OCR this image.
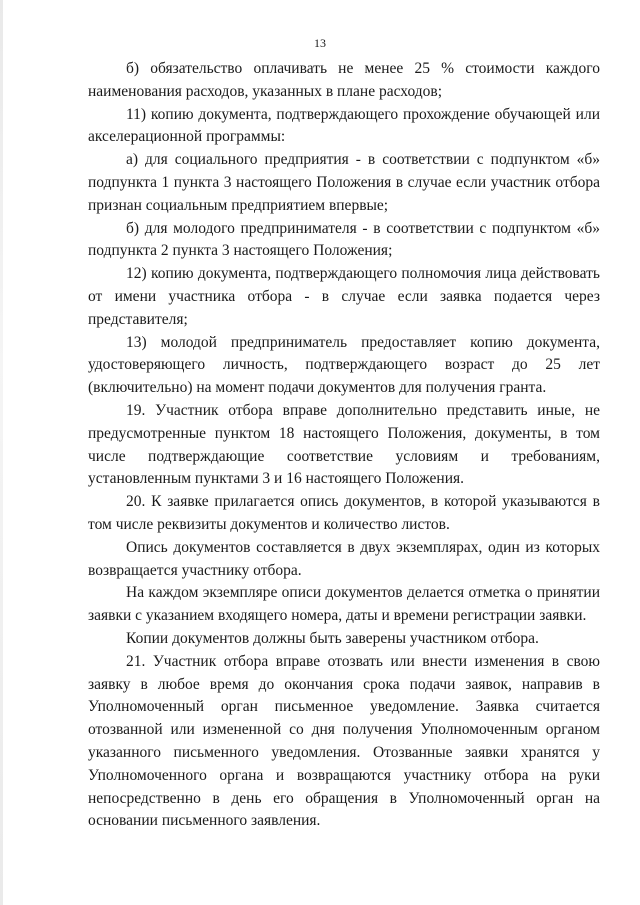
13

б) обязательство оплачивать не менее 25 % стоимости каждого наименования расходов, указанных в плане расходов;

11) копию документа, подтверждающего прохождение обучающей или акселерационной программы:

а) для социального предприятия - в соответствии с подпунктом «б» подпункта 1 пункта 3 настоящего Положения в случае если участник отбора признан социальным предприятием впервые;

б) для молодого предпринимателя - в соответствии с подпунктом «б» подпункта 2 пункта 3 настоящего Положения;

12) копию документа, подтверждающего полномочия лица действовать от имени участника отбора - в случае если заявка подается через представителя;

13) молодой предприниматель предоставляет копию документа, удостоверяющего личность, подтверждающего возраст до 25 лет (включительно) на момент подачи документов для получения гранта.

19. Участник отбора вправе дополнительно представить иные, не предусмотренные пунктом 18 настоящего Положения, документы, в том числе подтверждающие соответствие условиям и требованиям, установленным пунктами 3 и 16 настоящего Положения.

20. К заявке прилагается опись документов, в которой указываются в том числе реквизиты документов и количество листов.

Опись документов составляется в двух экземплярах, один из которых возвращается участнику отбора.

На каждом экземпляре описи документов делается отметка о принятии заявки с указанием входящего номера, даты и времени регистрации заявки.

Копии документов должны быть заверены участником отбора.

21. Участник отбора вправе отозвать или внести изменения в свою заявку в любое время до окончания срока подачи заявок, направив в Уполномоченный орган письменное уведомление. Заявка считается отозванной или измененной со дня получения Уполномоченным органом указанного письменного уведомления. Отозванные заявки хранятся у Уполномоченного органа и возвращаются участнику отбора на руки непосредственно в день его обращения в Уполномоченный орган на основании письменного заявления.
